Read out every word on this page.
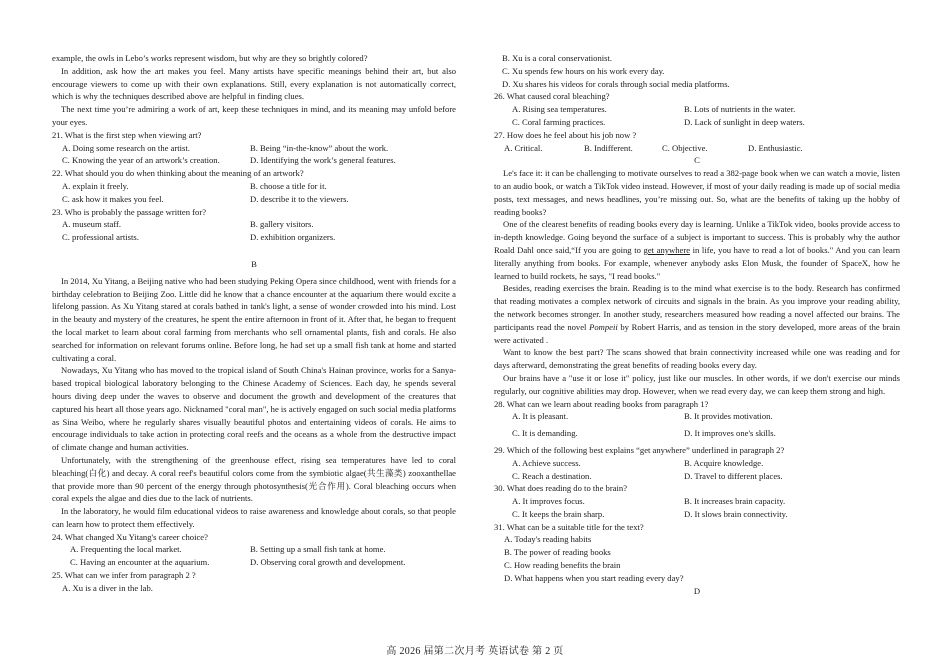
example, the owls in Lebo’s works represent wisdom, but why are they so brightly colored?

In addition, ask how the art makes you feel. Many artists have specific meanings behind their art, but also encourage viewers to come up with their own explanations. Still, every explanation is not automatically correct, which is why the techniques described above are helpful in finding clues.

The next time you’re admiring a work of art, keep these techniques in mind, and its meaning may unfold before your eyes.

21. What is the first step when viewing art?
A. Doing some research on the artist.	B. Being “in-the-know” about the work.
C. Knowing the year of an artwork’s creation.	D. Identifying the work’s general features.
22. What should you do when thinking about the meaning of an artwork?
A. explain it freely.	B. choose a title for it.
C. ask how it makes you feel.	D. describe it to the viewers.
23. Who is probably the passage written for?
A. museum staff.	B. gallery visitors.
C. professional artists.	D. exhibition organizers.
B

In 2014, Xu Yitang, a Beijing native who had been studying Peking Opera since childhood, went with friends for a birthday celebration to Beijing Zoo. Little did he know that a chance encounter at the aquarium there would excite a lifelong passion. As Xu Yitang stared at corals bathed in tank's light, a sense of wonder crowded into his mind. Lost in the beauty and mystery of the creatures, he spent the entire afternoon in front of it. After that, he began to frequent the local market to learn about coral farming from merchants who sell ornamental plants, fish and corals. He also searched for information on relevant forums online. Before long, he had set up a small fish tank at home and started cultivating a coral.

Nowadays, Xu Yitang who has moved to the tropical island of South China's Hainan province, works for a Sanya-based tropical biological laboratory belonging to the Chinese Academy of Sciences. Each day, he spends several hours diving deep under the waves to observe and document the growth and development of the creatures that captured his heart all those years ago. Nicknamed "coral man", he is actively engaged on such social media platforms as Sina Weibo, where he regularly shares visually beautiful photos and entertaining videos of corals. He aims to encourage individuals to take action in protecting coral reefs and the oceans as a whole from the destructive impact of climate change and human activities.

Unfortunately, with the strengthening of the greenhouse effect, rising sea temperatures have led to coral bleaching(白化) and decay. A coral reef's beautiful colors come from the symbiotic algae(共生藻类) zooxanthellae that provide more than 90 percent of the energy through photosynthesis(光合作用). Coral bleaching occurs when coral expels the algae and dies due to the lack of nutrients.

In the laboratory, he would film educational videos to raise awareness and knowledge about corals, so that people can learn how to protect them effectively.

24. What changed Xu Yitang's career choice?
A. Frequenting the local market.	B. Setting up a small fish tank at home.
C. Having an encounter at the aquarium.	D. Observing coral growth and development.
25. What can we infer from paragraph 2 ?
A. Xu is a diver in the lab.
B. Xu is a coral conservationist.
C. Xu spends few hours on his work every day.
D. Xu shares his videos for corals through social media platforms.
26. What caused coral bleaching?
A. Rising sea temperatures.	B. Lots of nutrients in the water.
C. Coral farming practices.	D. Lack of sunlight in deep waters.
27. How does he feel about his job now ?
A. Critical.	B. Indifferent.	C. Objective.	D. Enthusiastic.
C

Le's face it: it can be challenging to motivate ourselves to read a 382-page book when we can watch a movie, listen to an audio book, or watch a TikTok video instead. However, if most of your daily reading is made up of social media posts, text messages, and news headlines, you’re missing out. So, what are the benefits of taking up the hobby of reading books?

One of the clearest benefits of reading books every day is learning. Unlike a TikTok video, books provide access to in-depth knowledge. Going beyond the surface of a subject is important to success. This is probably why the author Roald Dahl once said,“If you are going to get anywhere in life, you have to read a lot of books." And you can learn literally anything from books. For example, whenever anybody asks Elon Musk, the founder of SpaceX, how he learned to build rockets, he says, "I read books."

Besides, reading exercises the brain. Reading is to the mind what exercise is to the body. Research has confirmed that reading motivates a complex network of circuits and signals in the brain. As you improve your reading ability, the network becomes stronger. In another study, researchers measured how reading a novel affected our brains. The participants read the novel Pompeii by Robert Harris, and as tension in the story developed, more areas of the brain were activated .

Want to know the best part? The scans showed that brain connectivity increased while one was reading and for days afterward, demonstrating the great benefits of reading books every day.

Our brains have a "use it or lose it" policy, just like our muscles. In other words, if we don't exercise our minds regularly, our cognitive abilities may drop. However, when we read every day, we can keep them strong and high.

28. What can we learn about reading books from paragraph 1?
A. It is pleasant.	B. It provides motivation.
C. It is demanding.	D. It improves one's skills.
29. Which of the following best explains “get anywhere” underlined in paragraph 2?
A. Achieve success.	B. Acquire knowledge.
C. Reach a destination.	D. Travel to different places.
30. What does reading do to the brain?
A. It improves focus.	B. It increases brain capacity.
C. It keeps the brain sharp.	D. It slows brain connectivity.
31. What can be a suitable title for the text?
A. Today's reading habits
B. The power of reading books
C. How reading benefits the brain
D. What happens when you start reading every day?
D
高 2026 届第二次月考 英语试卷 第 2 页
